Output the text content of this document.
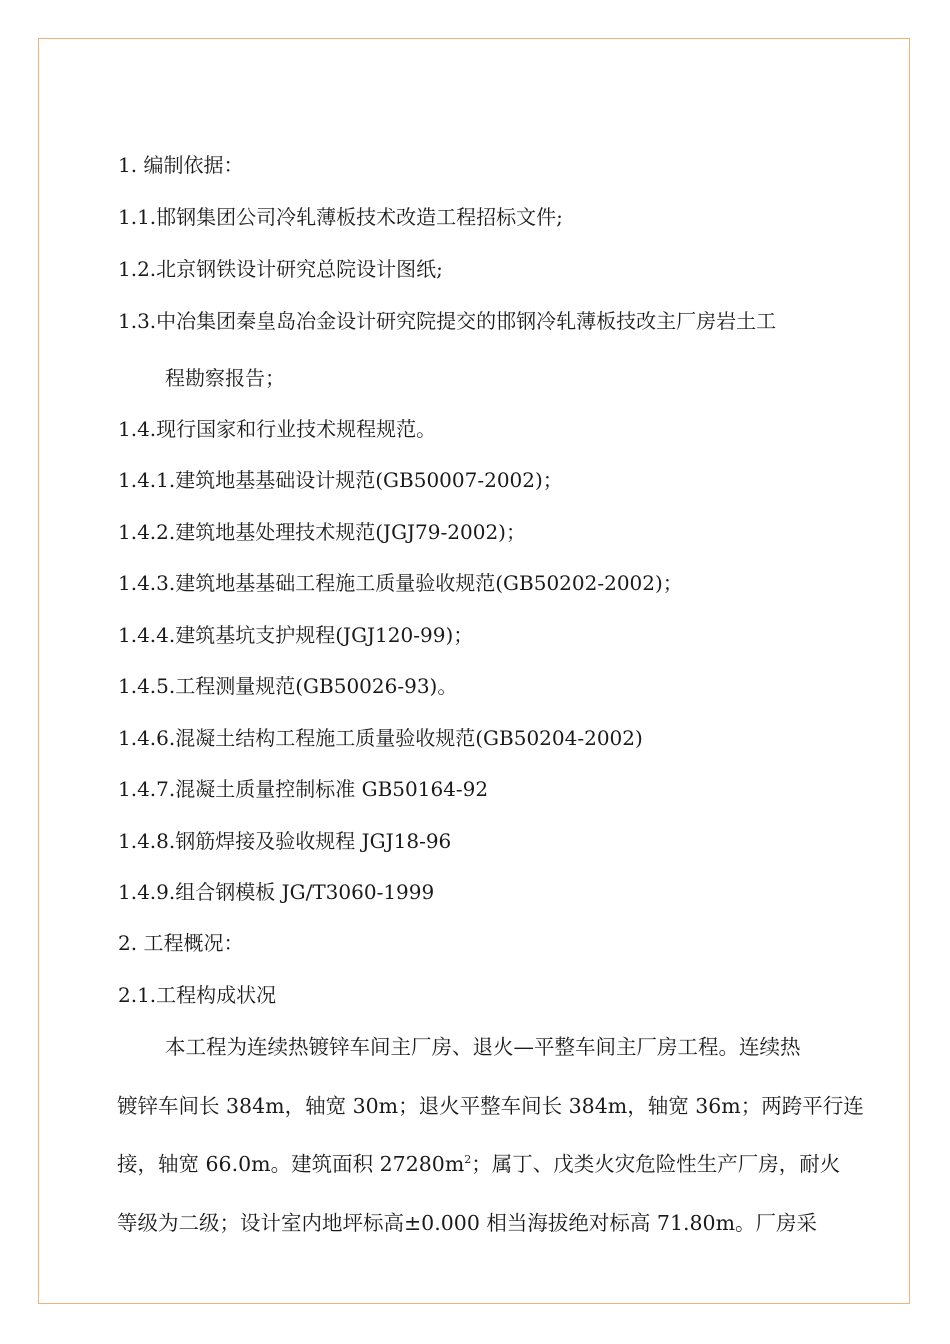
1. 编制依据：
1.1.邯钢集团公司冷轧薄板技术改造工程招标文件;
1.2.北京钢铁设计研究总院设计图纸;
1.3.中冶集团秦皇岛冶金设计研究院提交的邯钢冷轧薄板技改主厂房岩土工
程勘察报告；
1.4.现行国家和行业技术规程规范。
1.4.1.建筑地基基础设计规范(GB50007-2002)；
1.4.2.建筑地基处理技术规范(JGJ79-2002)；
1.4.3.建筑地基基础工程施工质量验收规范(GB50202-2002)；
1.4.4.建筑基坑支护规程(JGJ120-99)；
1.4.5.工程测量规范(GB50026-93)。
1.4.6.混凝土结构工程施工质量验收规范(GB50204-2002)
1.4.7.混凝土质量控制标准 GB50164-92
1.4.8.钢筋焊接及验收规程 JGJ18-96
1.4.9.组合钢模板 JG/T3060-1999
2. 工程概况：
2.1.工程构成状况
本工程为连续热镀锌车间主厂房、退火—平整车间主厂房工程。连续热
镀锌车间长 384m，轴宽 30m；退火平整车间长 384m，轴宽 36m；两跨平行连
接，轴宽 66.0m。建筑面积 $27280m^2$；属丁、戊类火灾危险性生产厂房，耐火
等级为二级；设计室内地坪标高±0.000 相当海拔绝对标高 71.80m。厂房采
